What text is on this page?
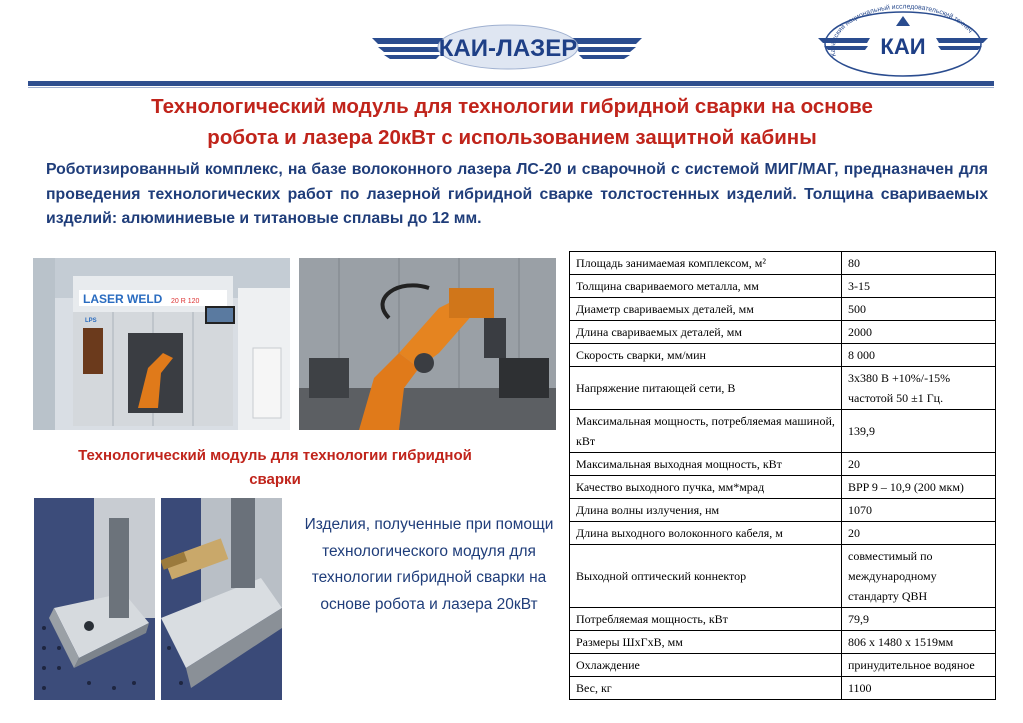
КАИ-ЛАЗЕР	КАИ
Казанский национальный исследовательский технич
Технологический модуль для технологии гибридной сварки на основе
робота и лазера 20кВт с использованием защитной кабины
Роботизированный комплекс, на базе волоконного лазера ЛС-20 и сварочной с системой МИГ/МАГ, предназначен для проведения технологических работ по лазерной гибридной сварке толстостенных изделий. Толщина свариваемых изделий: алюминиевые и титановые сплавы до 12 мм.
LASER WELD 20 R 120
LPS
Технологический модуль для технологии гибридной сварки
Изделия, полученные при помощи технологического модуля для технологии гибридной сварки на основе робота и лазера 20кВт
Площадь занимаемая комплексом, м²	80
Толщина свариваемого металла, мм	3-15
Диаметр свариваемых деталей, мм	500
Длина свариваемых деталей, мм	2000
Скорость сварки, мм/мин	8 000
Напряжение питающей сети, В	3х380 В +10%/-15% частотой 50 ±1 Гц.
Максимальная мощность, потребляемая машиной, кВт	139,9
Максимальная выходная мощность, кВт	20
Качество выходного пучка, мм*мрад	BPP 9 – 10,9 (200 мкм)
Длина волны излучения, нм	1070
Длина выходного волоконного кабеля, м	20
Выходной оптический коннектор	совместимый по международному стандарту QBH
Потребляемая мощность, кВт	79,9
Размеры ШхГхВ, мм	806 х 1480 х 1519мм
Охлаждение	принудительное водяное
Вес, кг	1100
